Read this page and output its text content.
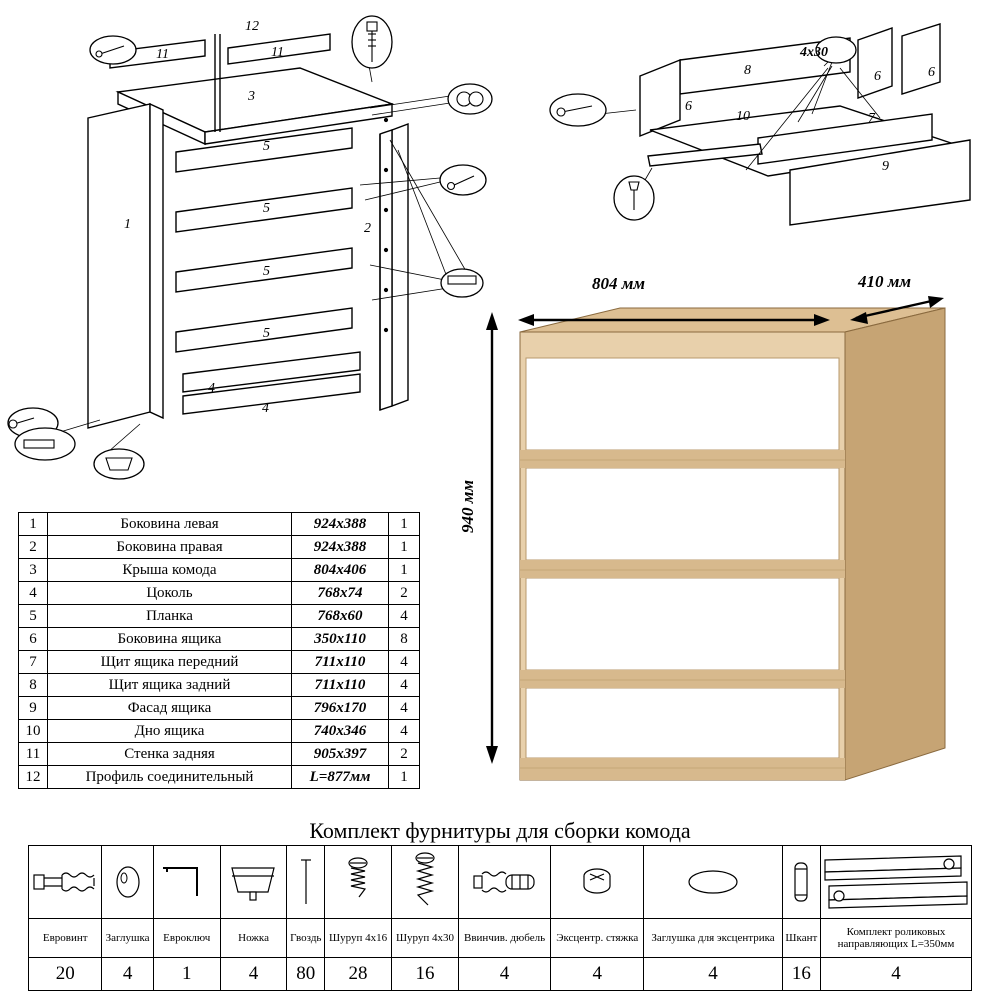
1	2
3
4
4
5
5
5
5
11	11
12
6
6	6
7
8
9
10
4x30
804 мм	410 мм
940 мм
1	Боковина левая	924x388	1
2	Боковина правая	924x388	1
3	Крыша комода	804x406	1
4	Цоколь	768x74	2
5	Планка	768x60	4
6	Боковина ящика	350x110	8
7	Щит ящика передний	711x110	4
8	Щит ящика задний	711x110	4
9	Фасад ящика	796x170	4
10	Дно ящика	740x346	4
11	Стенка задняя	905x397	2
12	Профиль соединительный	L=877мм	1
Комплект фурнитуры для сборки комода

Евровинт	Заглушка	Евроключ	Ножка	Гвоздь	Шуруп 4х16	Шуруп 4х30	Ввинчив. дюбель	Эксцентр. стяжка	Заглушка для эксцентрика	Шкант	Комплект роликовых направляющих L=350мм
20	4	1	4	80	28	16	4	4	4	16	4
